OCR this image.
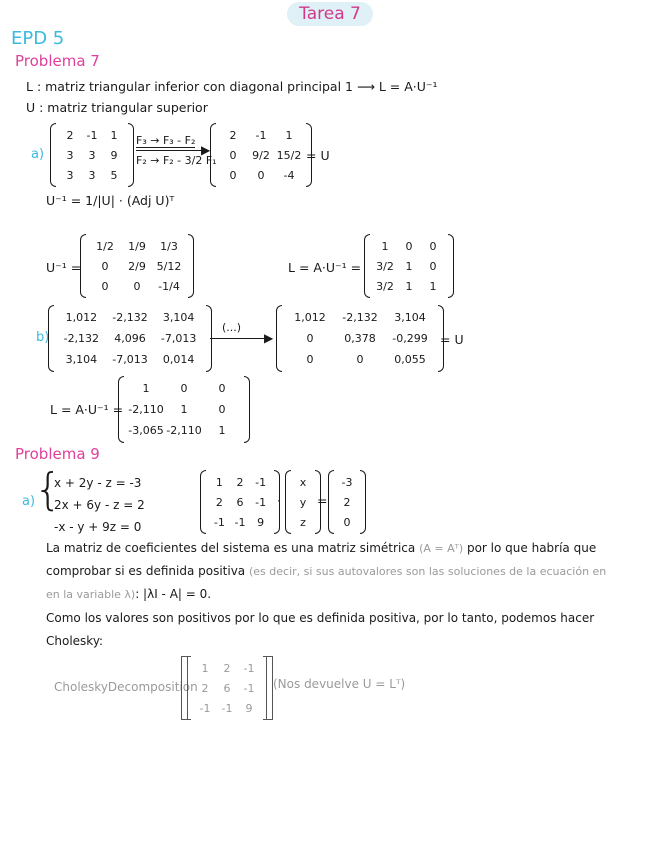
Tarea 7
EPD 5
Problema 7
L : matriz triangular inferior con diagonal principal 1 ⟶ L = A·U⁻¹
U : matriz triangular superior
a)
2	-1	1
3	3	9
3	3	5
F₃ → F₃ - F₂
F₂ → F₂ - 3/2 F₁
▶
2	-1	1
0	9/2 15/2
0	0	-4
= U
U⁻¹ = 1/|U| · (Adj U)ᵀ
U⁻¹ =
1/2	1/9	1/3
0	2/9 5/12
0	0	-1/4
L = A·U⁻¹ =
1	0	0
3/2	1	0
3/2	1	1
b)
1,012	-2,132	3,104
-2,132	4,096	-7,013
3,104	-7,013	0,014
(...)
▶
1,012	-2,132	3,104
0	0,378	-0,299
0	0	0,055
= U
L = A·U⁻¹ =
1	0	0
-2,110	1	0
-3,065 -2,110	1
Problema 9
a)
{
x + 2y - z = -3
2x + 6y - z = 2
-x - y + 9z = 0
1	2	-1
2	6	-1
-1 -1	9
·
x
y
z
=
-3
2
0
La matriz de coeficientes del sistema es una matriz simétrica (A = Aᵀ) por lo que habría que
comprobar si es definida positiva (es decir, si sus autovalores son las soluciones de la ecuación en
en la variable λ): |λI - A| = 0.
Como los valores son positivos por lo que es definida positiva, por lo tanto, podemos hacer
Cholesky:
CholeskyDecomposition
1	2	-1
2	6	-1
-1	-1	9
(Nos devuelve U = Lᵀ)
